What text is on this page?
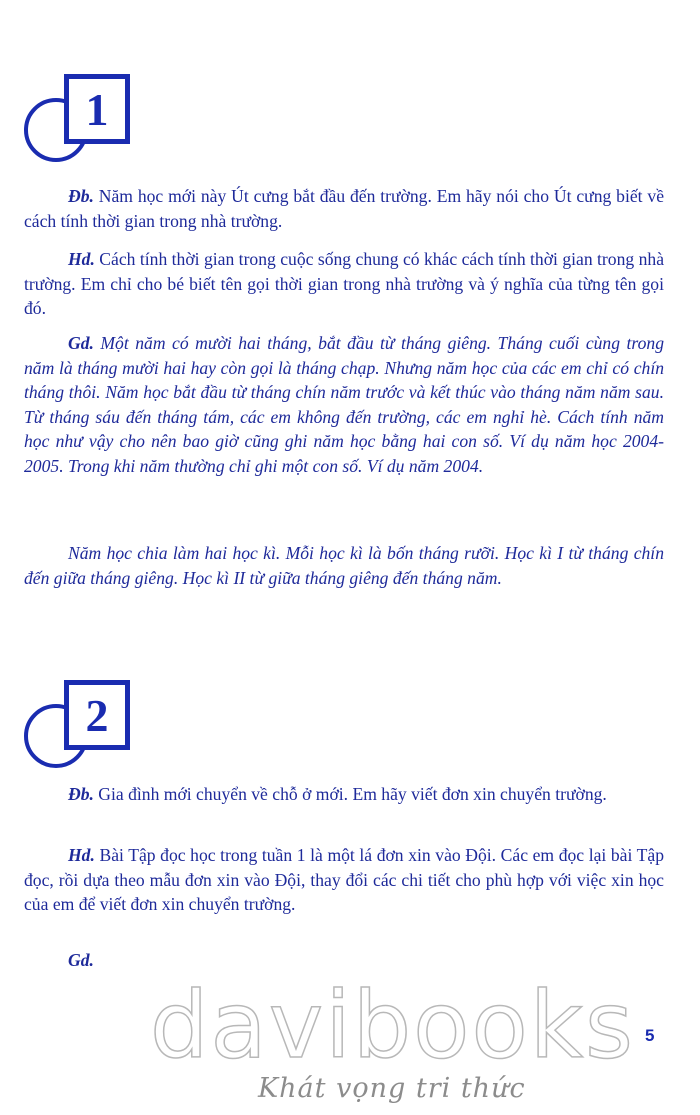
1

Đb. Năm học mới này Út cưng bắt đầu đến trường. Em hãy nói cho Út cưng biết về cách tính thời gian trong nhà trường.

Hd. Cách tính thời gian trong cuộc sống chung có khác cách tính thời gian trong nhà trường. Em chỉ cho bé biết tên gọi thời gian trong nhà trường và ý nghĩa của từng tên gọi đó.

Gd. Một năm có mười hai tháng, bắt đầu từ tháng giêng. Tháng cuối cùng trong năm là tháng mười hai hay còn gọi là tháng chạp. Nhưng năm học của các em chỉ có chín tháng thôi. Năm học bắt đầu từ tháng chín năm trước và kết thúc vào tháng năm năm sau. Từ tháng sáu đến tháng tám, các em không đến trường, các em nghỉ hè. Cách tính năm học như vậy cho nên bao giờ cũng ghi năm học bằng hai con số. Ví dụ năm học 2004-2005. Trong khi năm thường chỉ ghi một con số. Ví dụ năm 2004.

Năm học chia làm hai học kì. Mỗi học kì là bốn tháng rưỡi. Học kì I từ tháng chín đến giữa tháng giêng. Học kì II từ giữa tháng giêng đến tháng năm.

2

Đb. Gia đình mới chuyển về chỗ ở mới. Em hãy viết đơn xin chuyển trường.

Hd. Bài Tập đọc học trong tuần 1 là một lá đơn xin vào Đội. Các em đọc lại bài Tập đọc, rồi dựa theo mẫu đơn xin vào Đội, thay đổi các chi tiết cho phù hợp với việc xin học của em để viết đơn xin chuyển trường.

Gd.

davibooks
Khát vọng tri thức
5
